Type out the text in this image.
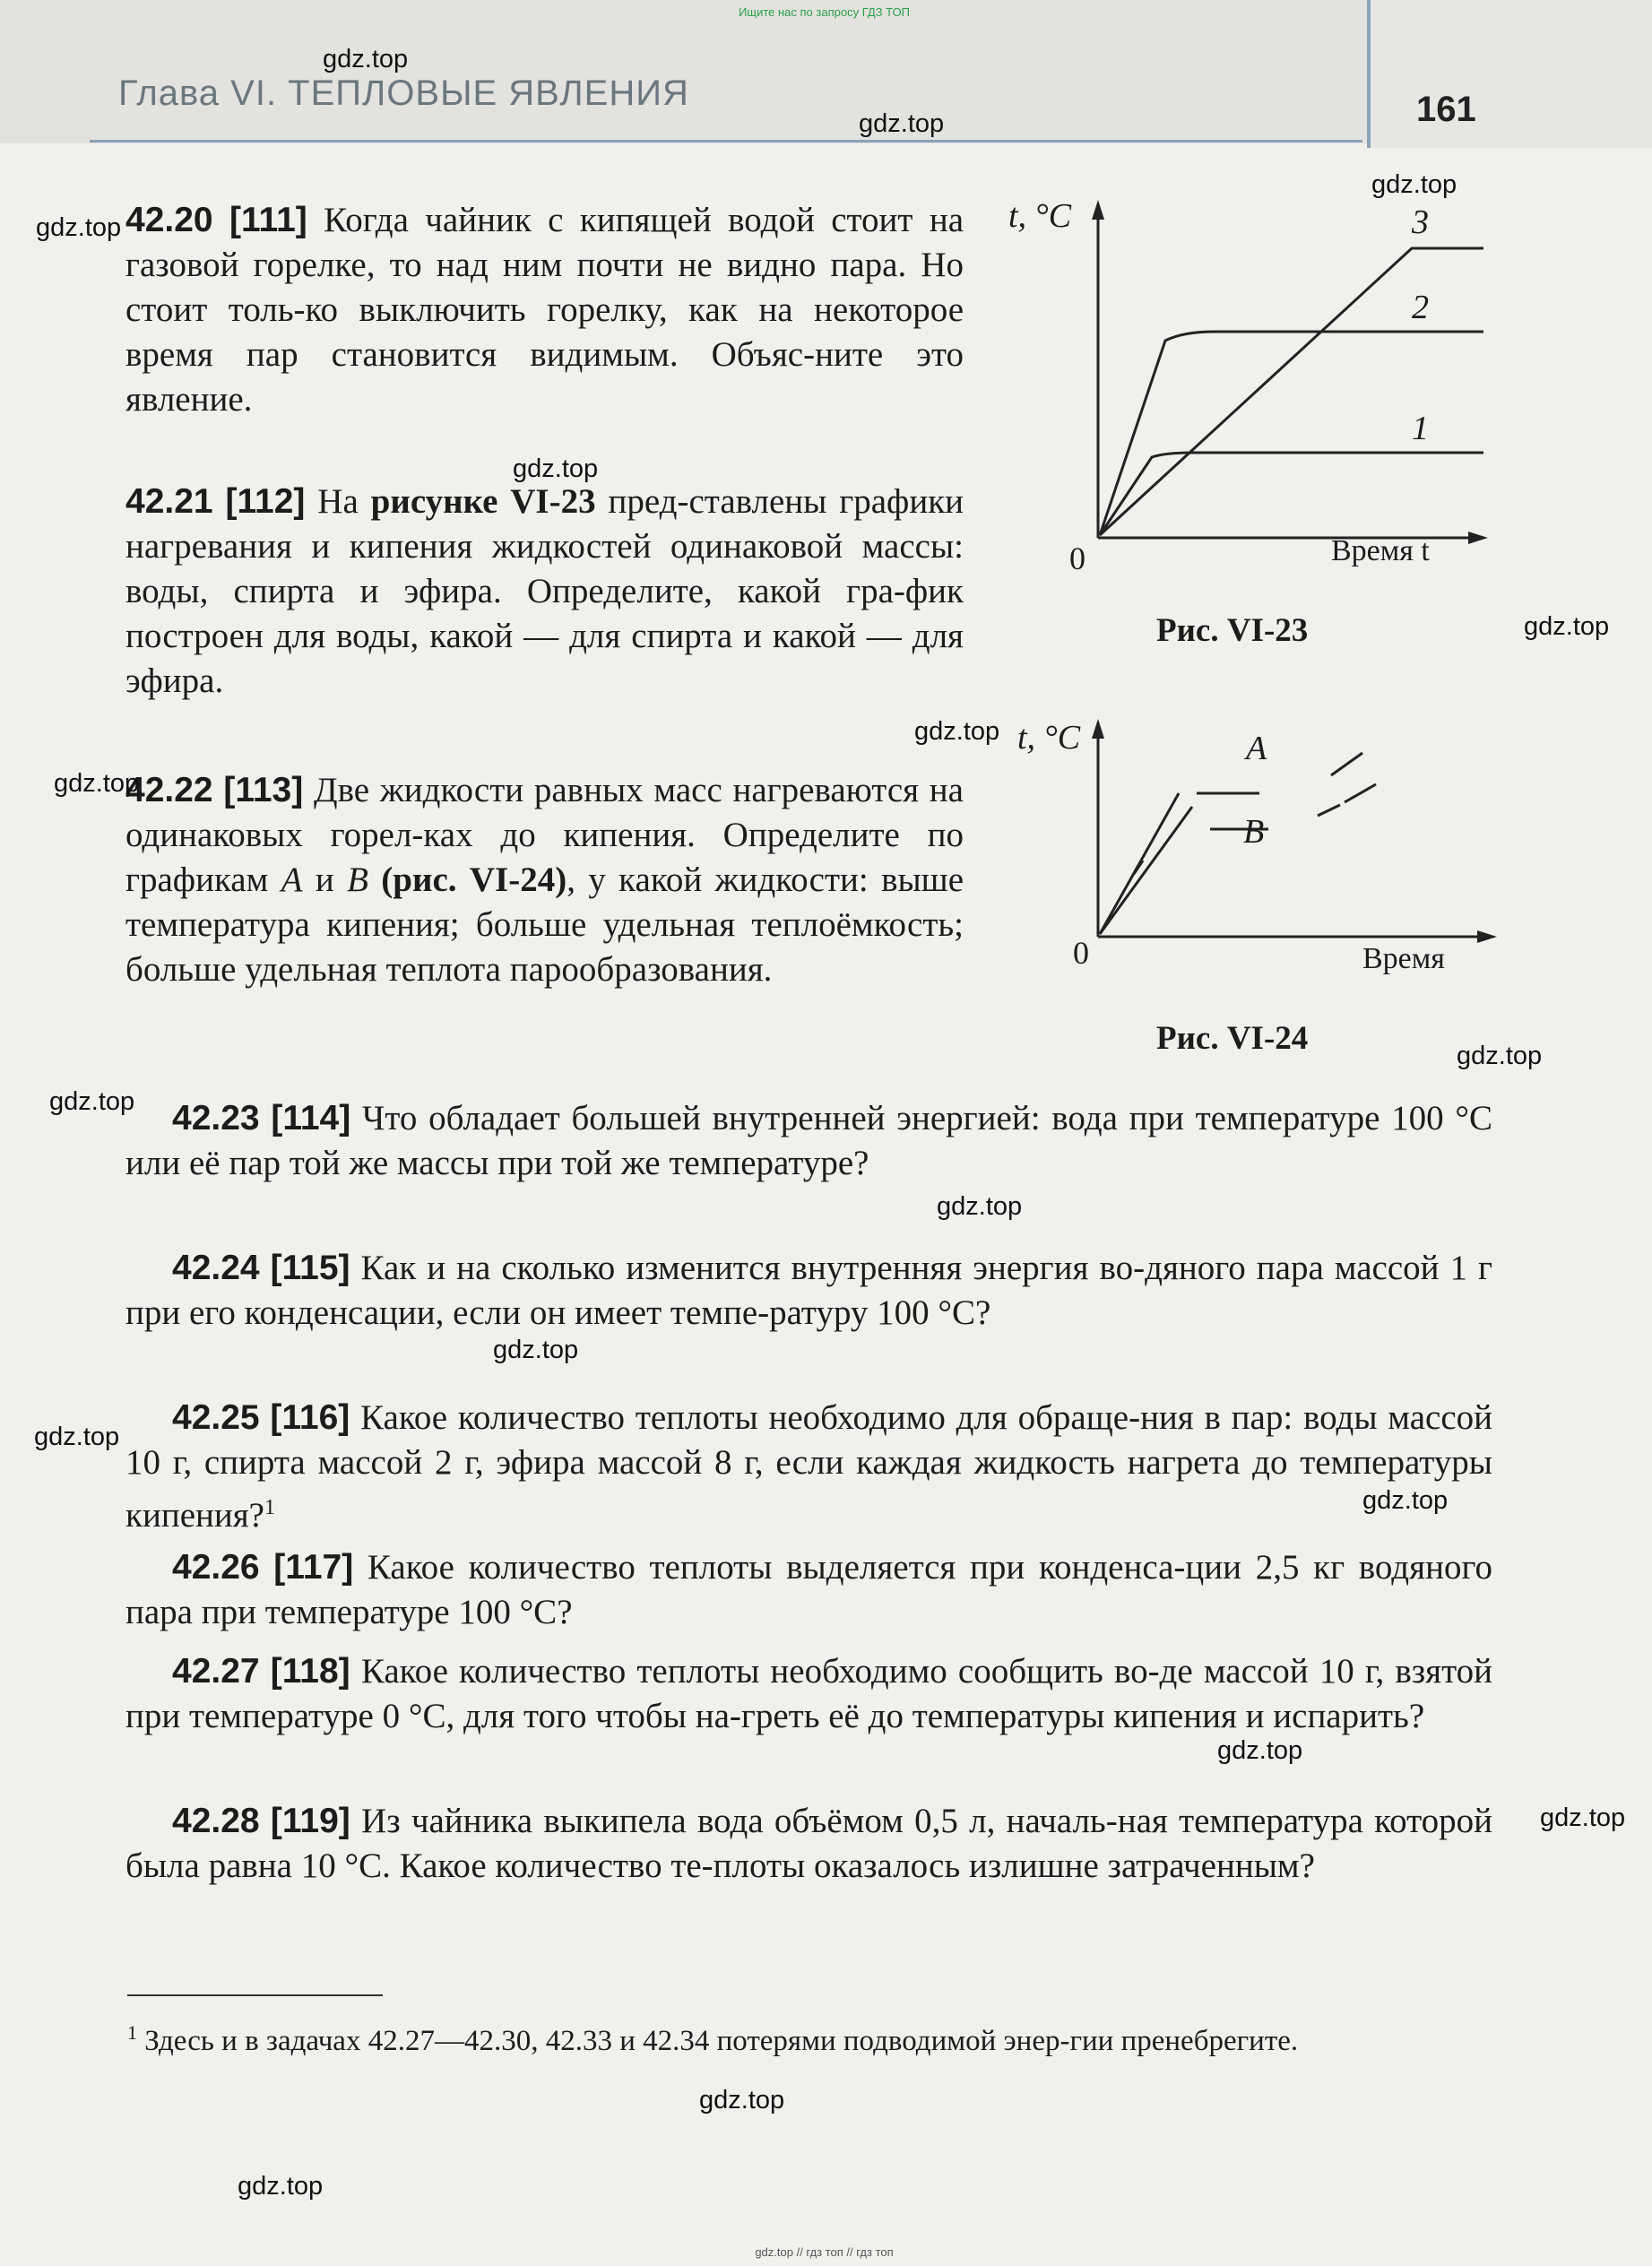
Ищите нас по запросу ГДЗ ТОП
Глава VI. ТЕПЛОВЫЕ ЯВЛЕНИЯ	161
42.20 [111] Когда чайник с кипящей водой стоит на газовой горелке, то над ним почти не видно пара. Но стоит толь-ко выключить горелку, как на некоторое время пар становится видимым. Объяс-ните это явление.
42.21 [112] На рисунке VI-23 пред-ставлены графики нагревания и кипения жидкостей одинаковой массы: воды, спирта и эфира. Определите, какой гра-фик построен для воды, какой — для спирта и какой — для эфира.
42.22 [113] Две жидкости равных масс нагреваются на одинаковых горел-ках до кипения. Определите по графикам A и B (рис. VI-24), у какой жидкости: выше температура кипения; больше удельная теплоёмкость; больше удельная теплота парообразования.
42.23 [114] Что обладает большей внутренней энергией: вода при температуре 100 °С или её пар той же массы при той же температуре?
42.24 [115] Как и на сколько изменится внутренняя энергия во-дяного пара массой 1 г при его конденсации, если он имеет темпе-ратуру 100 °С?
42.25 [116] Какое количество теплоты необходимо для обраще-ния в пар: воды массой 10 г, спирта массой 2 г, эфира массой 8 г, если каждая жидкость нагрета до температуры кипения?$^1$
42.26 [117] Какое количество теплоты выделяется при конденса-ции 2,5 кг водяного пара при температуре 100 °С?
42.27 [118] Какое количество теплоты необходимо сообщить во-де массой 10 г, взятой при температуре 0 °С, для того чтобы на-греть её до температуры кипения и испарить?
42.28 [119] Из чайника выкипела вода объёмом 0,5 л, началь-ная температура которой была равна 10 °С. Какое количество те-плоты оказалось излишне затраченным?
t, °C
0	Время t
3
2
1
Рис. VI-23
t, °C
0	Время
A
B
Рис. VI-24
$^1$ Здесь и в задачах 42.27—42.30, 42.33 и 42.34 потерями подводимой энер-гии пренебрегите.
gdz.top
gdz.top
gdz.top
gdz.top
gdz.top
gdz.top
gdz.top
gdz.top
gdz.top
gdz.top
gdz.top
gdz.top
gdz.top
gdz.top
gdz.top
gdz.top
gdz.top
gdz.top
gdz.top // гдз топ // гдз топ
